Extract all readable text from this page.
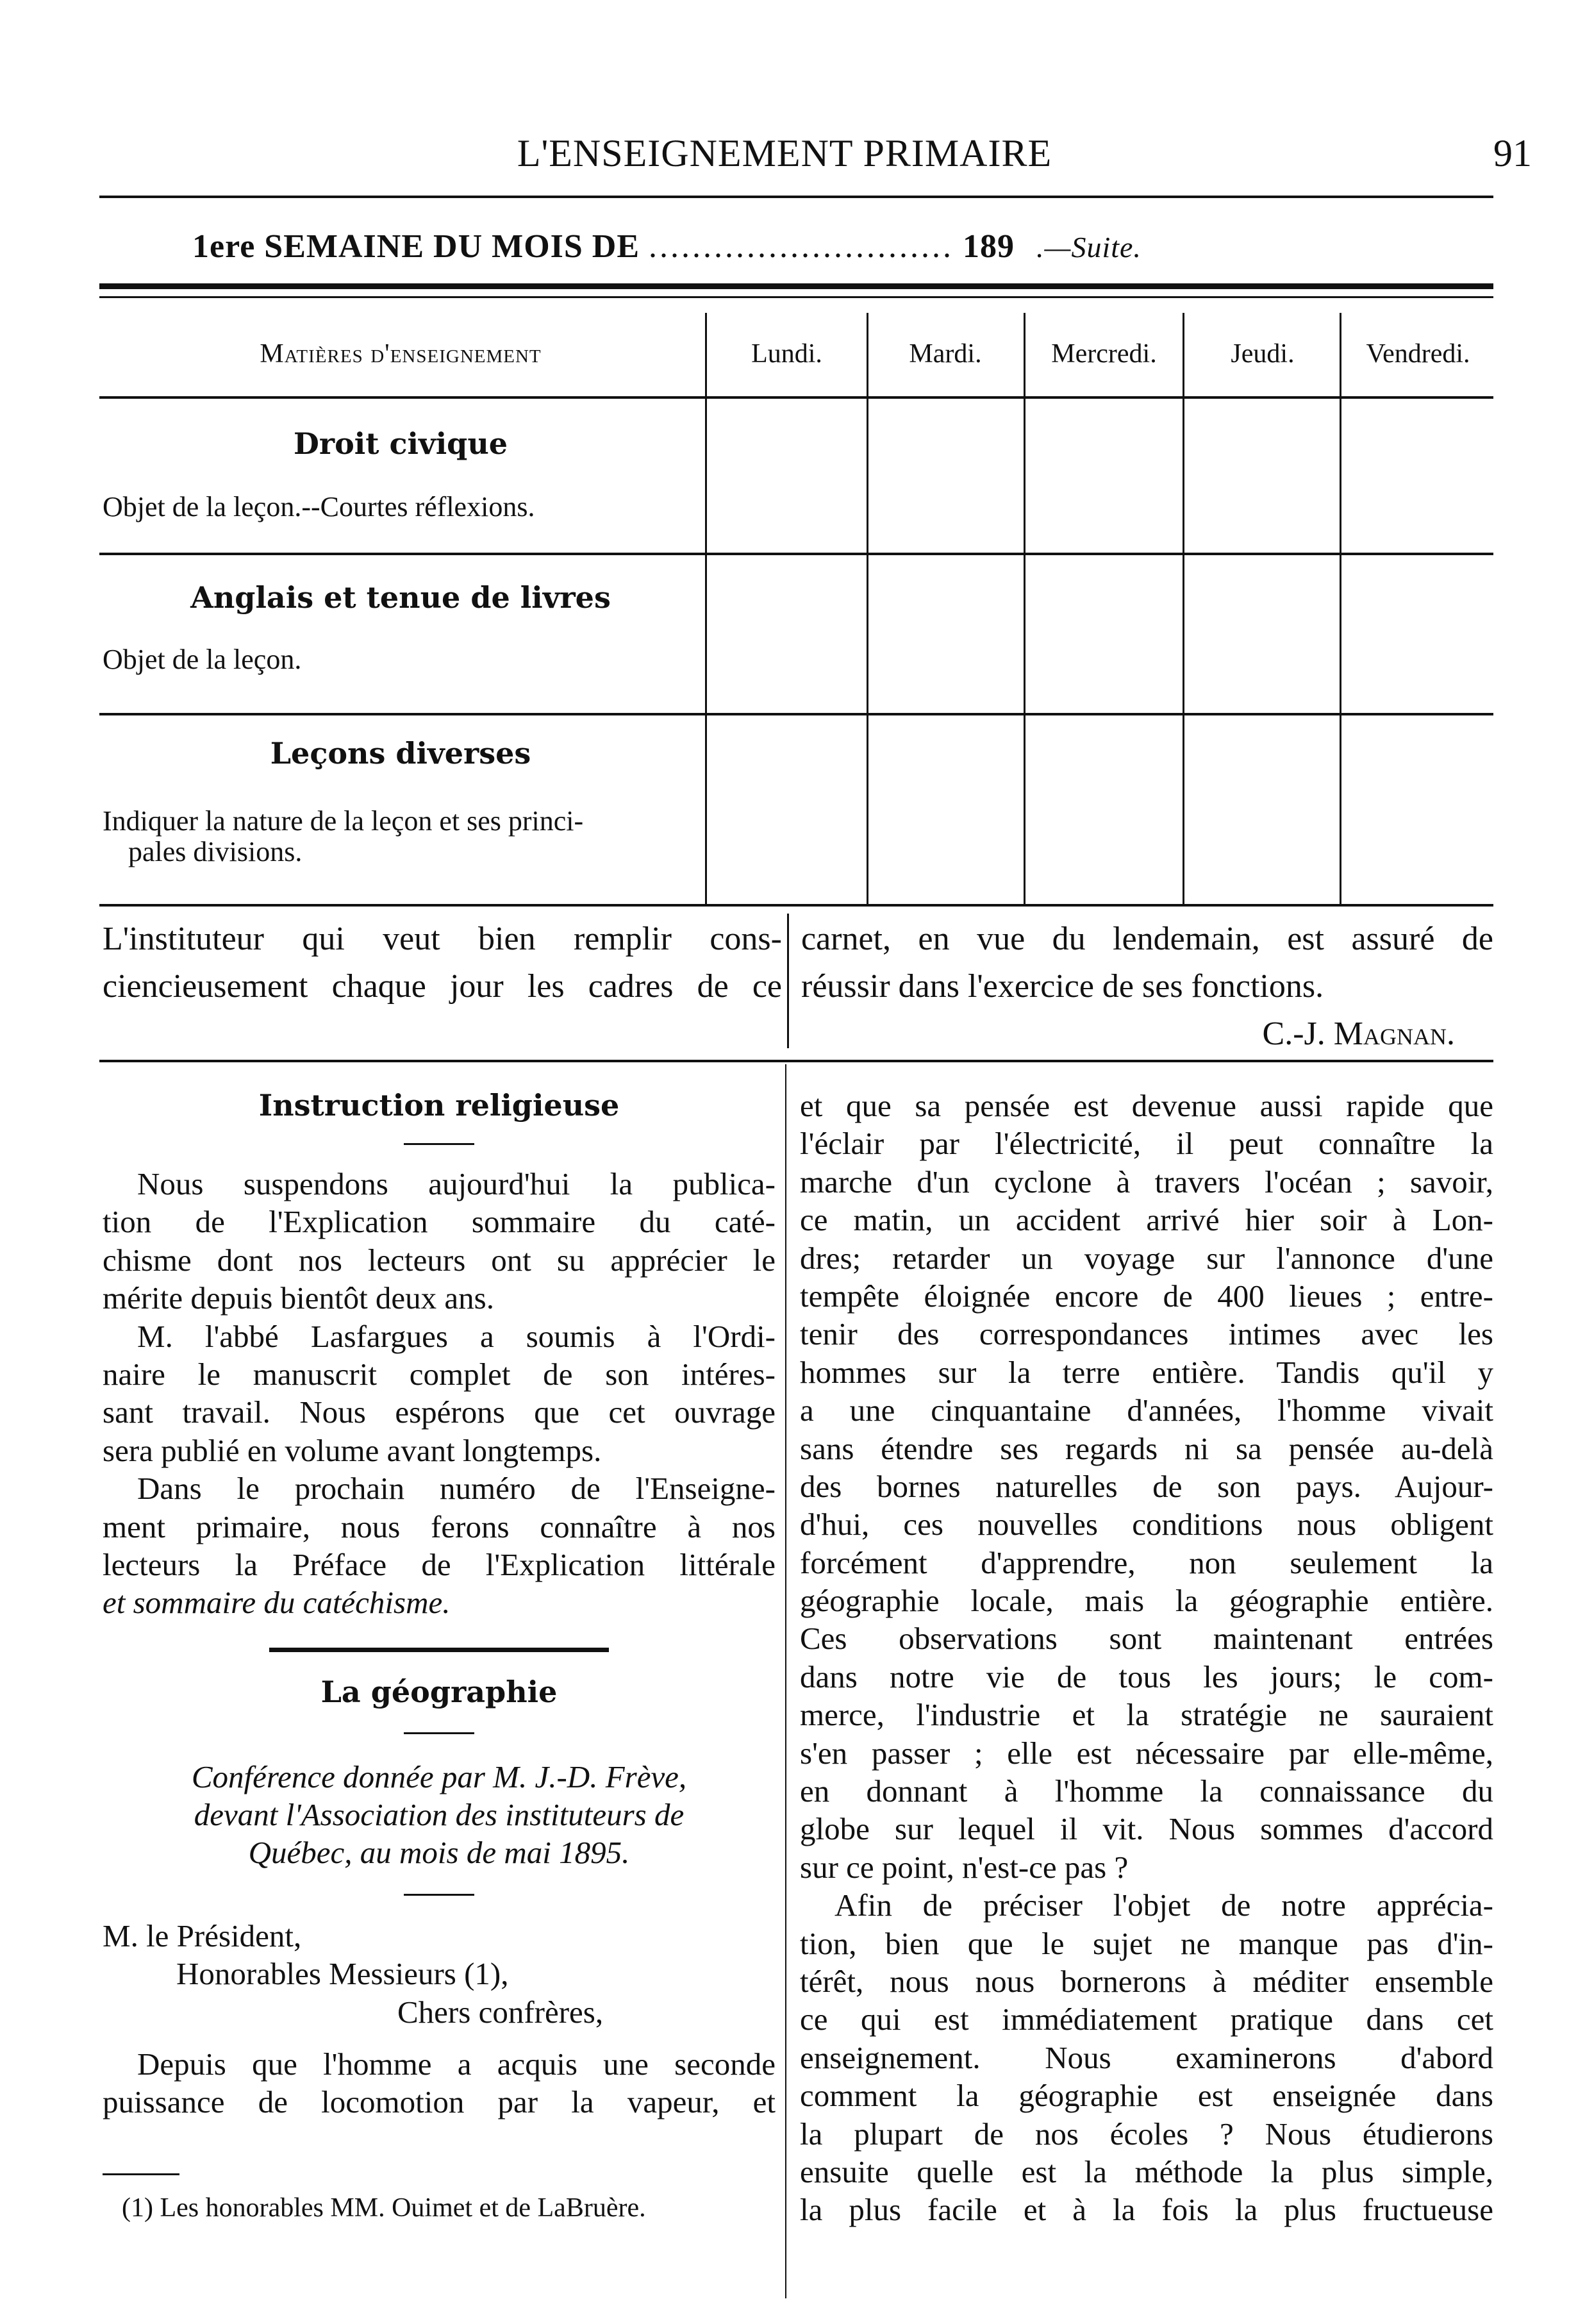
L'ENSEIGNEMENT PRIMAIRE	91
1ere SEMAINE DU MOIS DE ............................ 189 .—Suite.
Matières d'enseignement	Lundi.	Mardi.	Mercredi.	Jeudi.	Vendredi.
Droit civique
Objet de la leçon.--Courtes réflexions.
Anglais et tenue de livres
Objet de la leçon.
Leçons diverses
Indiquer la nature de la leçon et ses princi-
pales divisions.
L'instituteur qui veut bien remplir cons-
ciencieusement chaque jour les cadres de ce
carnet, en vue du lendemain, est assuré de
réussir dans l'exercice de ses fonctions.
C.-J. Magnan.
Instruction religieuse
Nous suspendons aujourd'hui la publica-
tion de l'Explication sommaire du caté-
chisme dont nos lecteurs ont su apprécier le
mérite depuis bientôt deux ans.
M. l'abbé Lasfargues a soumis à l'Ordi-
naire le manuscrit complet de son intéres-
sant travail. Nous espérons que cet ouvrage
sera publié en volume avant longtemps.
Dans le prochain numéro de l'Enseigne-
ment primaire, nous ferons connaître à nos
lecteurs la Préface de l'Explication littérale
et sommaire du catéchisme.
La géographie
Conférence donnée par M. J.-D. Frève,
devant l'Association des instituteurs de
Québec, au mois de mai 1895.
M. le Président,
Honorables Messieurs (1),
Chers confrères,
Depuis que l'homme a acquis une seconde
puissance de locomotion par la vapeur, et
(1) Les honorables MM. Ouimet et de LaBruère.
et que sa pensée est devenue aussi rapide que
l'éclair par l'électricité, il peut connaître la
marche d'un cyclone à travers l'océan ; savoir,
ce matin, un accident arrivé hier soir à Lon-
dres; retarder un voyage sur l'annonce d'une
tempête éloignée encore de 400 lieues ; entre-
tenir des correspondances intimes avec les
hommes sur la terre entière. Tandis qu'il y
a une cinquantaine d'années, l'homme vivait
sans étendre ses regards ni sa pensée au-delà
des bornes naturelles de son pays. Aujour-
d'hui, ces nouvelles conditions nous obligent
forcément d'apprendre, non seulement la
géographie locale, mais la géographie entière.
Ces observations sont maintenant entrées
dans notre vie de tous les jours; le com-
merce, l'industrie et la stratégie ne sauraient
s'en passer ; elle est nécessaire par elle-même,
en donnant à l'homme la connaissance du
globe sur lequel il vit. Nous sommes d'accord
sur ce point, n'est-ce pas ?
Afin de préciser l'objet de notre apprécia-
tion, bien que le sujet ne manque pas d'in-
térêt, nous nous bornerons à méditer ensemble
ce qui est immédiatement pratique dans cet
enseignement. Nous examinerons d'abord
comment la géographie est enseignée dans
la plupart de nos écoles ? Nous étudierons
ensuite quelle est la méthode la plus simple,
la plus facile et à la fois la plus fructueuse
